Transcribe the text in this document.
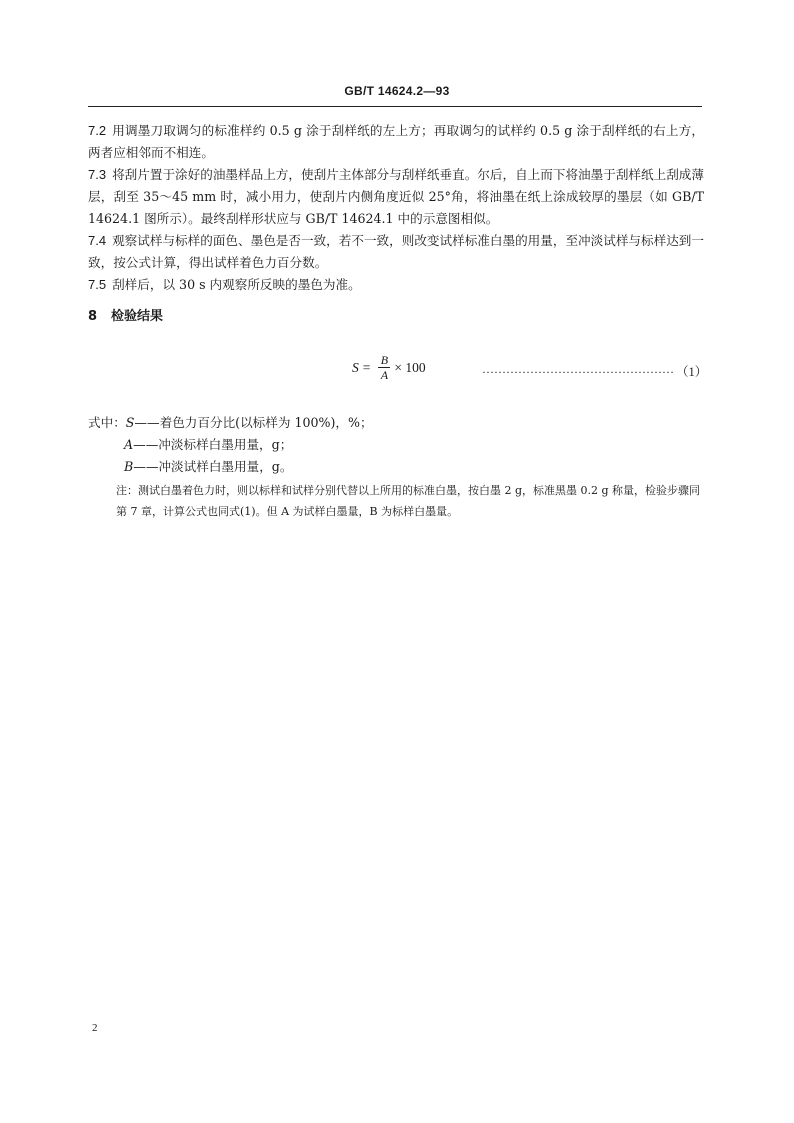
GB/T 14624.2—93

7.2 用调墨刀取调匀的标准样约 0.5 g 涂于刮样纸的左上方；再取调匀的试样约 0.5 g 涂于刮样纸的右上方，两者应相邻而不相连。

7.3 将刮片置于涂好的油墨样品上方，使刮片主体部分与刮样纸垂直。尔后，自上而下将油墨于刮样纸上刮成薄层，刮至 35～45 mm 时，减小用力，使刮片内侧角度近似 25°角，将油墨在纸上涂成较厚的墨层（如 GB/T 14624.1 图所示）。最终刮样形状应与 GB/T 14624.1 中的示意图相似。

7.4 观察试样与标样的面色、墨色是否一致，若不一致，则改变试样标准白墨的用量，至冲淡试样与标样达到一致，按公式计算，得出试样着色力百分数。

7.5 刮样后，以 30 s 内观察所反映的墨色为准。

8 检验结果
$S = \frac{B}{A} \times 100$	………………………………………… （1）
式中：S——着色力百分比(以标样为 100%)，%；
A——冲淡标样白墨用量，g；
B——冲淡试样白墨用量，g。

注：测试白墨着色力时，则以标样和试样分别代替以上所用的标准白墨，按白墨 2 g，标准黑墨 0.2 g 称量，检验步骤同第 7 章，计算公式也同式(1)。但 A 为试样白墨量，B 为标样白墨量。

2
